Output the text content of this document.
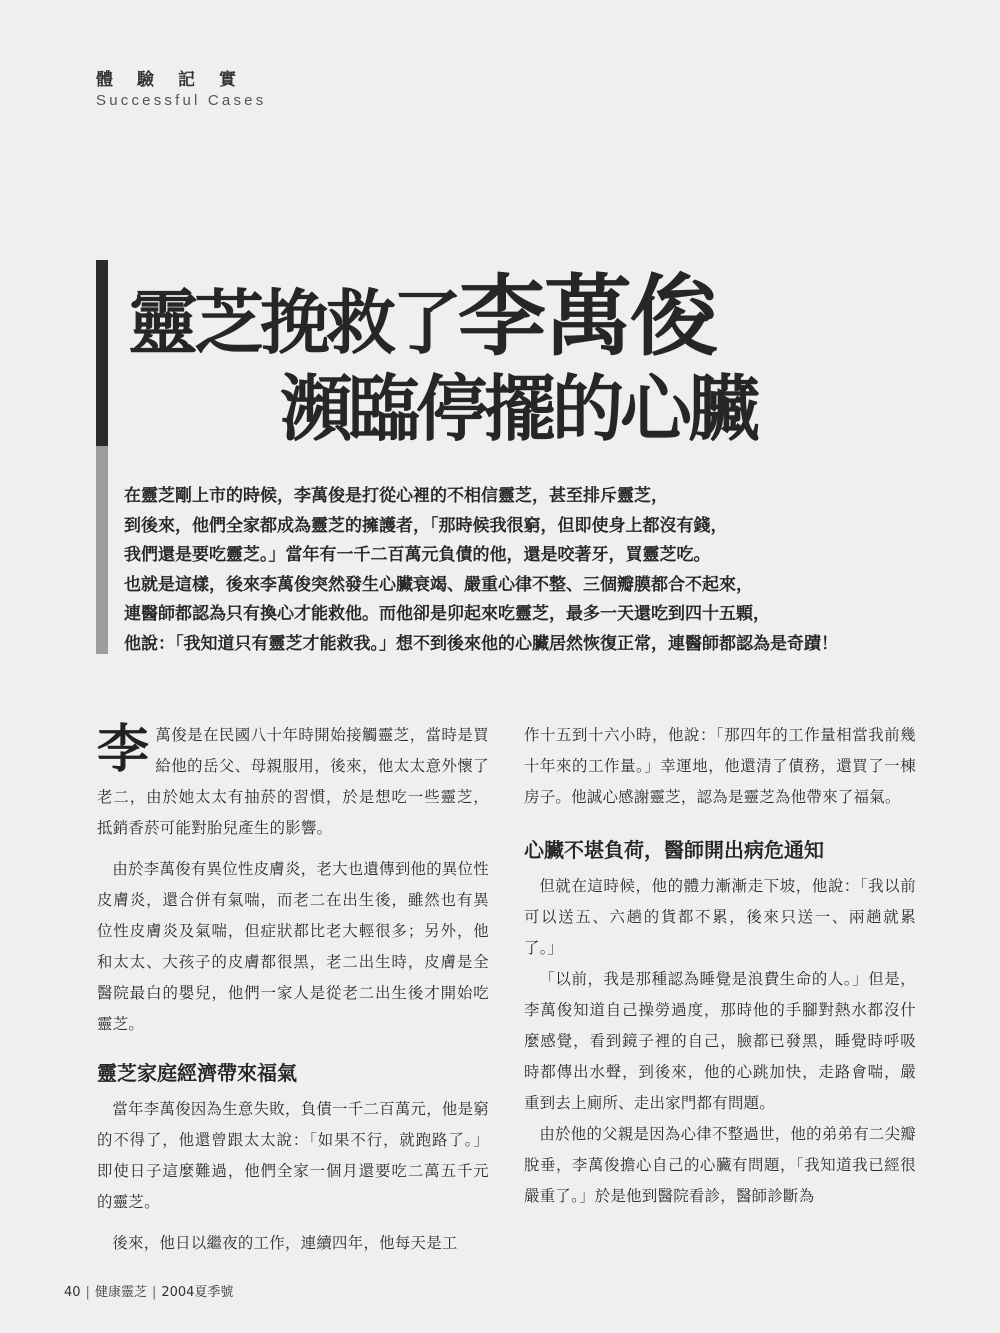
體驗記實
Successful Cases
靈芝挽救了李萬俊
瀕臨停擺的心臟
在靈芝剛上市的時候，李萬俊是打從心裡的不相信靈芝，甚至排斥靈芝，
到後來，他們全家都成為靈芝的擁護者，「那時候我很窮，但即使身上都沒有錢，
我們還是要吃靈芝。」當年有一千二百萬元負債的他，還是咬著牙，買靈芝吃。
也就是這樣，後來李萬俊突然發生心臟衰竭、嚴重心律不整、三個瓣膜都合不起來，
連醫師都認為只有換心才能救他。而他卻是卯起來吃靈芝，最多一天還吃到四十五顆，
他說：「我知道只有靈芝才能救我。」想不到後來他的心臟居然恢復正常，連醫師都認為是奇蹟！

李萬俊是在民國八十年時開始接觸靈芝，當時是買給他的岳父、母親服用，後來，他太太意外懷了老二，由於她太太有抽菸的習慣，於是想吃一些靈芝，抵銷香菸可能對胎兒產生的影響。

由於李萬俊有異位性皮膚炎，老大也遺傳到他的異位性皮膚炎，還合併有氣喘，而老二在出生後，雖然也有異位性皮膚炎及氣喘，但症狀都比老大輕很多；另外，他和太太、大孩子的皮膚都很黑，老二出生時，皮膚是全醫院最白的嬰兒，他們一家人是從老二出生後才開始吃靈芝。

靈芝家庭經濟帶來福氣

當年李萬俊因為生意失敗，負債一千二百萬元，他是窮的不得了，他還曾跟太太說：「如果不行，就跑路了。」即使日子這麼難過，他們全家一個月還要吃二萬五千元的靈芝。

後來，他日以繼夜的工作，連續四年，他每天是工

作十五到十六小時，他說：「那四年的工作量相當我前幾十年來的工作量。」幸運地，他還清了債務，還買了一棟房子。他誠心感謝靈芝，認為是靈芝為他帶來了福氣。

心臟不堪負荷，醫師開出病危通知

但就在這時候，他的體力漸漸走下坡，他說：「我以前可以送五、六趟的貨都不累，後來只送一、兩趟就累了。」

「以前，我是那種認為睡覺是浪費生命的人。」但是，李萬俊知道自己操勞過度，那時他的手腳對熱水都沒什麼感覺，看到鏡子裡的自己，臉都已發黑，睡覺時呼吸時都傳出水聲，到後來，他的心跳加快，走路會喘，嚴重到去上廁所、走出家門都有問題。

由於他的父親是因為心律不整過世，他的弟弟有二尖瓣脫垂，李萬俊擔心自己的心臟有問題，「我知道我已經很嚴重了。」於是他到醫院看診，醫師診斷為

40 | 健康靈芝 | 2004夏季號
